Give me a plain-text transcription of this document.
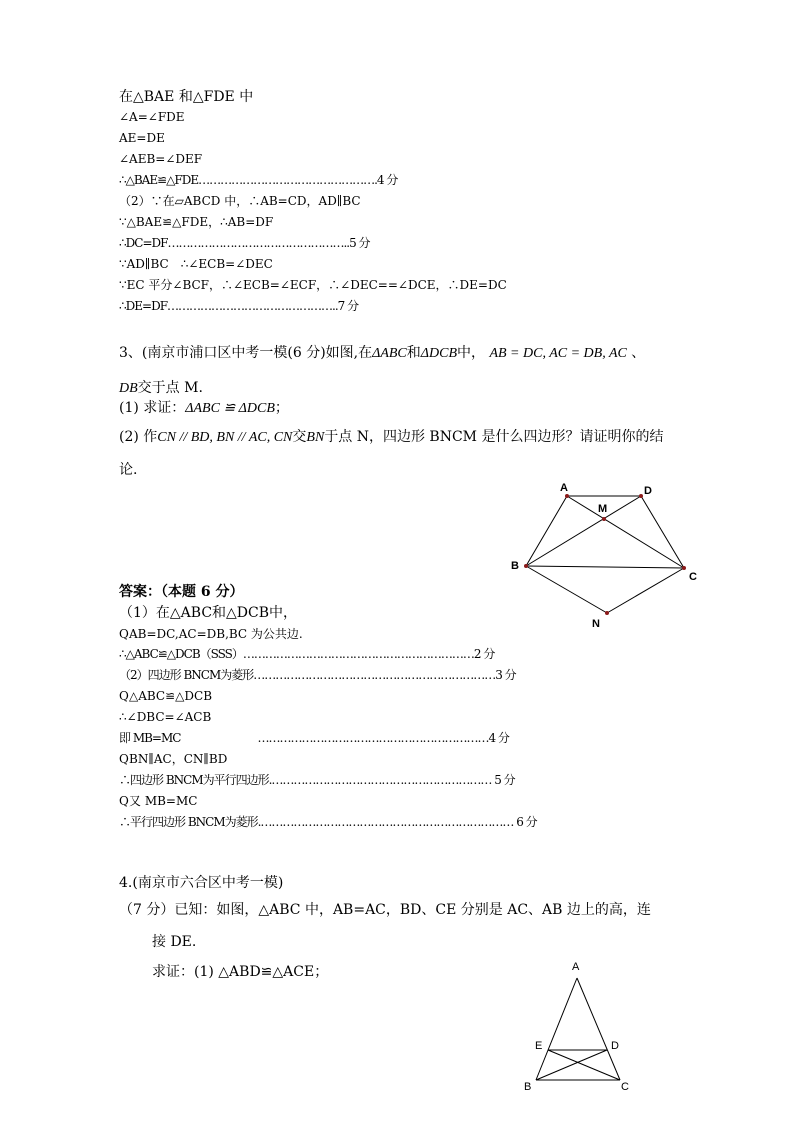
在△BAE 和△FDE 中
∠A=∠FDE
AE=DE
∠AEB=∠DEF
∴△BAE≌△FDE………………………………………….4 分
（2）∵在▱ABCD 中，∴AB=CD，AD∥BC
∵△BAE≌△FDE，∴AB=DF
∴DC=DF…………………………………………..5 分
∵AD∥BC　∴∠ECB=∠DEC
∵EC 平分∠BCF，∴∠ECB=∠ECF，∴∠DEC==∠DCE，∴DE=DC
∴DE=DF………………………………………..7 分
3、(南京市浦口区中考一模(6 分)如图,在ΔABC和ΔDCB中， AB = DC, AC = DB, AC 、
DB交于点 M.
(1) 求证：ΔABC ≌ ΔDCB；
(2) 作CN // BD, BN // AC, CN交BN于点 N，四边形 BNCM 是什么四边形？请证明你的结
论.
A
M
D
B
C
N
答案：（本题 6 分）
（1）在△ABC和△DCB中，
QAB=DC,AC=DB,BC 为公共边.
∴△ABC≌△DCB（SSS）………………………………………………………2 分
（2）四边形 BNCM为菱形…………………………………………………………3 分
Q△ABC≌△DCB
∴∠DBC=∠ACB
即 MB=MC　　　　　　　………………………………………………………4 分
QBN∥AC，CN∥BD
∴四边形 BNCM为平行四边形.…………………………………………………… 5 分
Q又 MB=MC
∴平行四边形 BNCM为菱形.…………………………………………………………… 6 分
4.(南京市六合区中考一模)
（7 分）已知：如图，△ABC 中，AB=AC，BD、CE 分别是 AC、AB 边上的高，连
接 DE.
求证：(1) △ABD≌△ACE；	A
E	D
B	C
